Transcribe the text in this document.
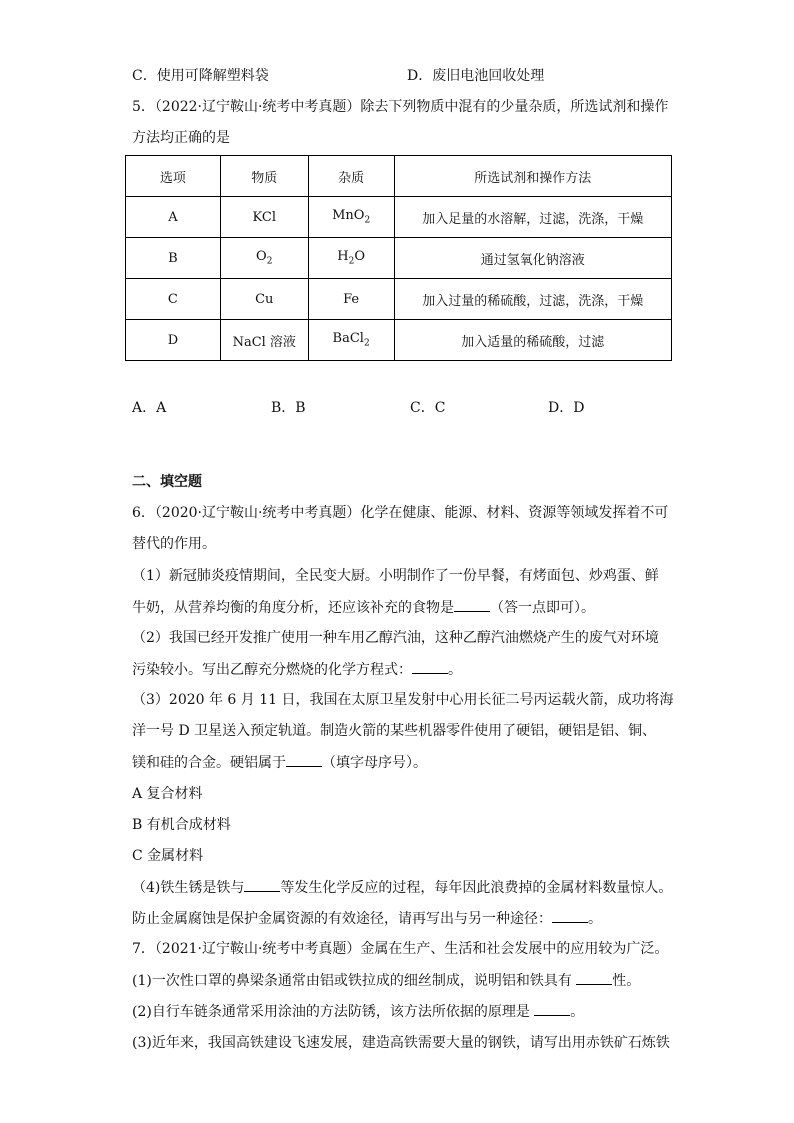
C．使用可降解塑料袋	D．废旧电池回收处理
5．（2022·辽宁鞍山·统考中考真题）除去下列物质中混有的少量杂质，所选试剂和操作
方法均正确的是
选项	物质	杂质	所选试剂和操作方法
A	KCl	MnO$_2$	加入足量的水溶解，过滤，洗涤，干燥
B	$O_2$	$H_2O$	通过氢氧化钠溶液
C	Cu	Fe	加入过量的稀硫酸，过滤，洗涤，干燥
D	NaCl 溶液	BaCl$_2$	加入适量的稀硫酸，过滤
A．A	B．B	C．C	D．D
二、填空题
6．（2020·辽宁鞍山·统考中考真题）化学在健康、能源、材料、资源等领域发挥着不可
替代的作用。
（1）新冠肺炎疫情期间，全民变大厨。小明制作了一份早餐，有烤面包、炒鸡蛋、鲜
牛奶，从营养均衡的角度分析，还应该补充的食物是	（答一点即可）。
（2）我国已经开发推广使用一种车用乙醇汽油，这种乙醇汽油燃烧产生的废气对环境
污染较小。写出乙醇充分燃烧的化学方程式：	。
（3）2020 年 6 月 11 日，我国在太原卫星发射中心用长征二号丙运载火箭，成功将海
洋一号 D 卫星送入预定轨道。制造火箭的某些机器零件使用了硬铝，硬铝是铝、铜、
镁和硅的合金。硬铝属于	（填字母序号）。
A 复合材料
B 有机合成材料
C 金属材料
（4)铁生锈是铁与	等发生化学反应的过程，每年因此浪费掉的金属材料数量惊人。
防止金属腐蚀是保护金属资源的有效途径，请再写出与另一种途径：	。
7．（2021·辽宁鞍山·统考中考真题）金属在生产、生活和社会发展中的应用较为广泛。
(1)一次性口罩的鼻梁条通常由铝或铁拉成的细丝制成，说明铝和铁具有	性。
(2)自行车链条通常采用涂油的方法防锈，该方法所依据的原理是	。
(3)近年来，我国高铁建设飞速发展，建造高铁需要大量的钢铁，请写出用赤铁矿石炼铁
